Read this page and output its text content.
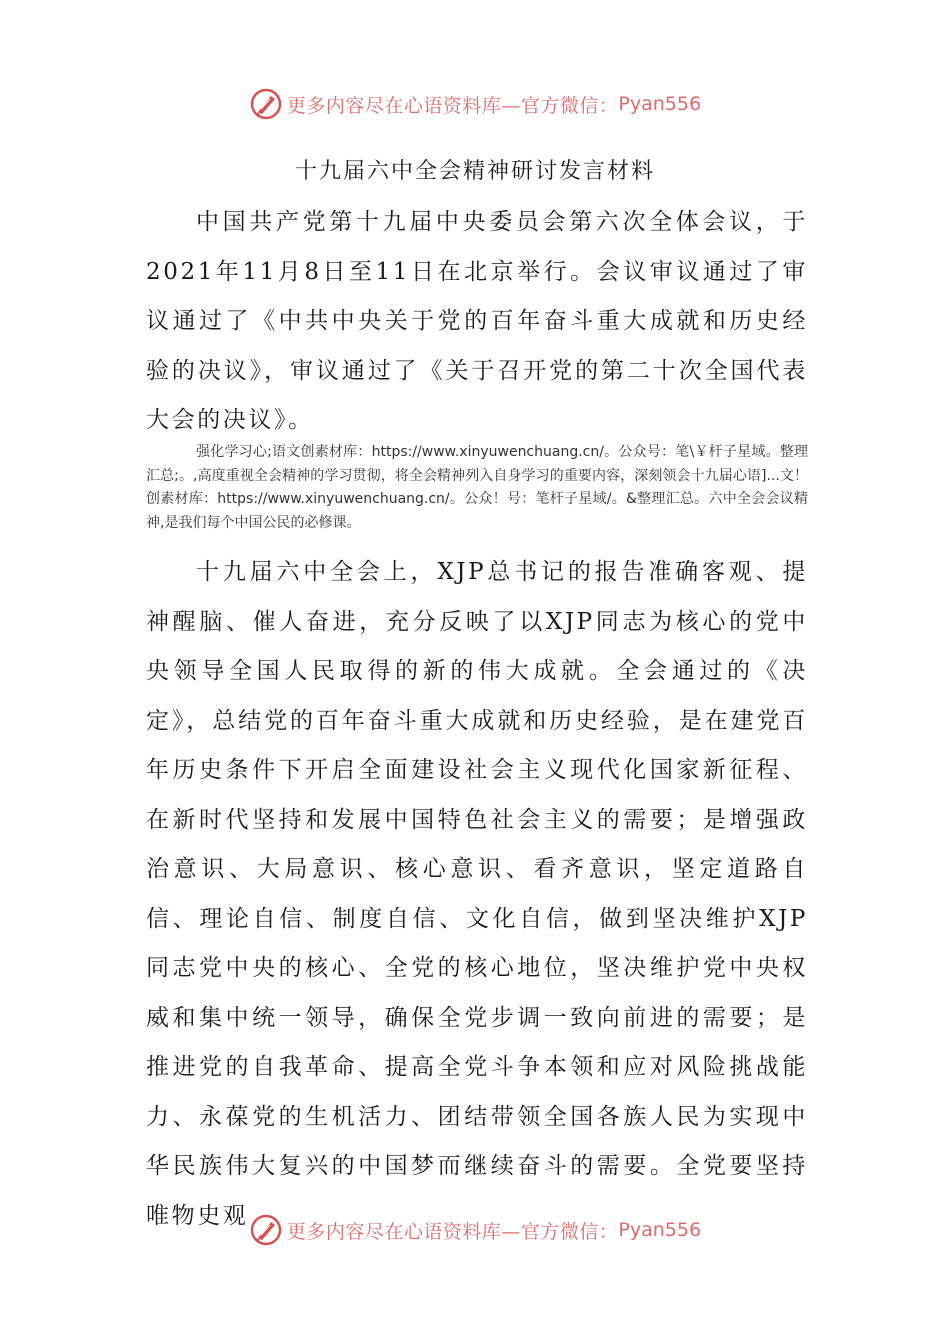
更多内容尽在心语资料库—官方微信： Pyan556
十九届六中全会精神研讨发言材料

中国共产党第十九届中央委员会第六次全体会议，于2021年11月8日至11日在北京举行。会议审议通过了审议通过了《中共中央关于党的百年奋斗重大成就和历史经验的决议》，审议通过了《关于召开党的第二十次全国代表大会的决议》。

强化学习心;语文创素材库：https://www.xinyuwenchuang.cn/。公众号：笔\￥杆子星域。整理汇总;。,高度重视全会精神的学习贯彻，将全会精神列入自身学习的重要内容，深刻领会十九届心语]...文！创素材库：https://www.xinyuwenchuang.cn/。公众！号：笔杆子星域/。&整理汇总。六中全会会议精神,是我们每个中国公民的必修课。

十九届六中全会上，XJP总书记的报告准确客观、提神醒脑、催人奋进，充分反映了以XJP同志为核心的党中央领导全国人民取得的新的伟大成就。全会通过的《决定》，总结党的百年奋斗重大成就和历史经验，是在建党百年历史条件下开启全面建设社会主义现代化国家新征程、在新时代坚持和发展中国特色社会主义的需要；是增强政治意识、大局意识、核心意识、看齐意识，坚定道路自信、理论自信、制度自信、文化自信，做到坚决维护XJP同志党中央的核心、全党的核心地位，坚决维护党中央权威和集中统一领导，确保全党步调一致向前进的需要；是推进党的自我革命、提高全党斗争本领和应对风险挑战能力、永葆党的生机活力、团结带领全国各族人民为实现中华民族伟大复兴的中国梦而继续奋斗的需要。全党要坚持唯物史观

更多内容尽在心语资料库—官方微信： Pyan556
